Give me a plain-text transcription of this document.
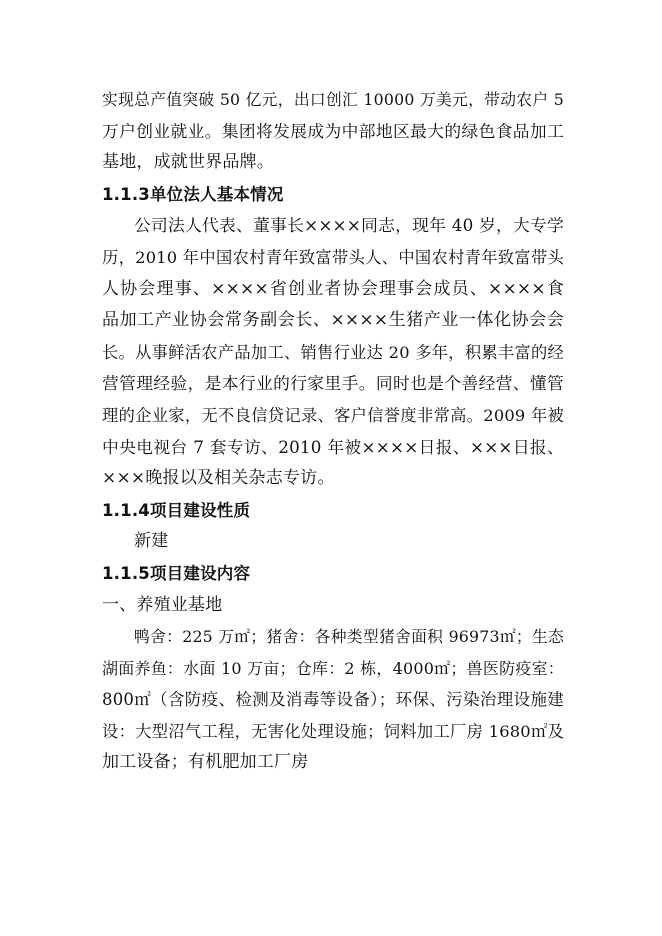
实现总产值突破 50 亿元，出口创汇 10000 万美元，带动农户 5
万户创业就业。集团将发展成为中部地区最大的绿色食品加工
基地，成就世界品牌。
1.1.3单位法人基本情况
公司法人代表、董事长××××同志，现年 40 岁，大专学
历，2010 年中国农村青年致富带头人、中国农村青年致富带头
人协会理事、××××省创业者协会理事会成员、××××食
品加工产业协会常务副会长、××××生猪产业一体化协会会
长。从事鲜活农产品加工、销售行业达 20 多年，积累丰富的经
营管理经验，是本行业的行家里手。同时也是个善经营、懂管
理的企业家，无不良信贷记录、客户信誉度非常高。2009 年被
中央电视台 7 套专访、2010 年被××××日报、×××日报、
×××晚报以及相关杂志专访。
1.1.4项目建设性质
新建
1.1.5项目建设内容
一、养殖业基地
鸭舍：225 万㎡；猪舍：各种类型猪舍面积 96973㎡；生态
湖面养鱼：水面 10 万亩；仓库：2 栋，4000㎡；兽医防疫室：
800㎡（含防疫、检测及消毒等设备）；环保、污染治理设施建
设：大型沼气工程，无害化处理设施；饲料加工厂房 1680㎡及
加工设备；有机肥加工厂房
